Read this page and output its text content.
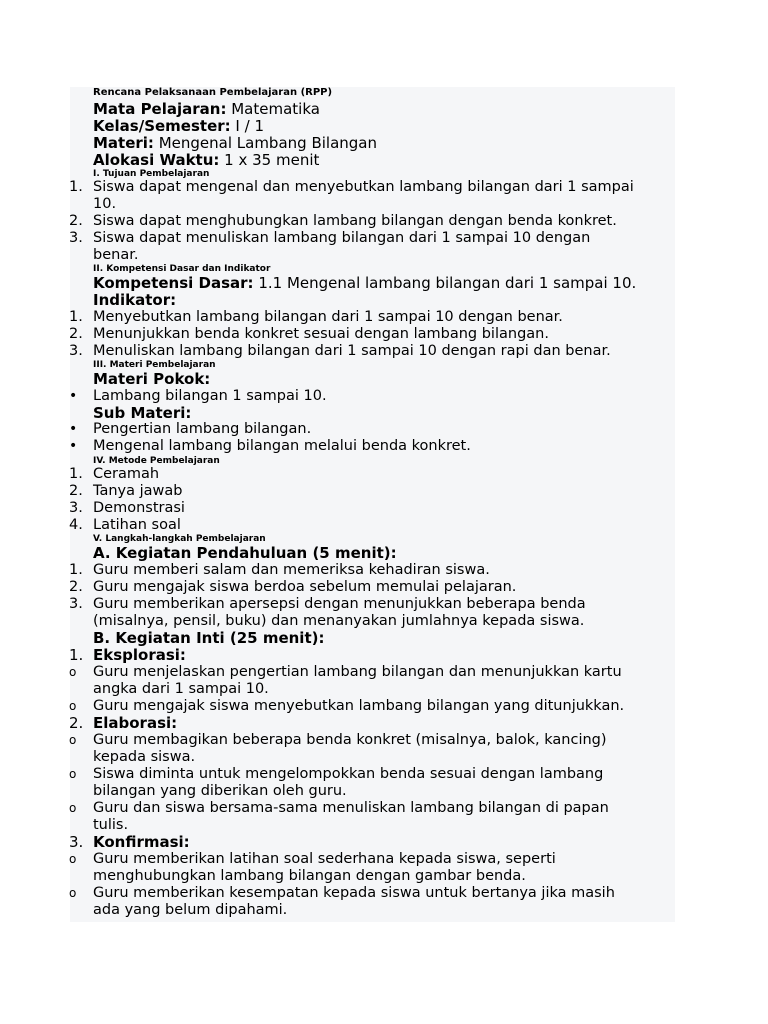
Rencana Pelaksanaan Pembelajaran (RPP)
Mata Pelajaran: Matematika
Kelas/Semester: I / 1
Materi: Mengenal Lambang Bilangan
Alokasi Waktu: 1 x 35 menit
I. Tujuan Pembelajaran
1. Siswa dapat mengenal dan menyebutkan lambang bilangan dari 1 sampai
10.
2. Siswa dapat menghubungkan lambang bilangan dengan benda konkret.
3. Siswa dapat menuliskan lambang bilangan dari 1 sampai 10 dengan
benar.
II. Kompetensi Dasar dan Indikator
Kompetensi Dasar: 1.1 Mengenal lambang bilangan dari 1 sampai 10.
Indikator:
1. Menyebutkan lambang bilangan dari 1 sampai 10 dengan benar.
2. Menunjukkan benda konkret sesuai dengan lambang bilangan.
3. Menuliskan lambang bilangan dari 1 sampai 10 dengan rapi dan benar.
III. Materi Pembelajaran
Materi Pokok:
•	Lambang bilangan 1 sampai 10.
Sub Materi:
•	Pengertian lambang bilangan.
•	Mengenal lambang bilangan melalui benda konkret.
IV. Metode Pembelajaran
1. Ceramah
2. Tanya jawab
3. Demonstrasi
4. Latihan soal
V. Langkah-langkah Pembelajaran
A. Kegiatan Pendahuluan (5 menit):
1. Guru memberi salam dan memeriksa kehadiran siswa.
2. Guru mengajak siswa berdoa sebelum memulai pelajaran.
3. Guru memberikan apersepsi dengan menunjukkan beberapa benda
(misalnya, pensil, buku) dan menanyakan jumlahnya kepada siswa.
B. Kegiatan Inti (25 menit):
1. Eksplorasi:
o	Guru menjelaskan pengertian lambang bilangan dan menunjukkan kartu
angka dari 1 sampai 10.
o	Guru mengajak siswa menyebutkan lambang bilangan yang ditunjukkan.
2. Elaborasi:
o	Guru membagikan beberapa benda konkret (misalnya, balok, kancing)
kepada siswa.
o	Siswa diminta untuk mengelompokkan benda sesuai dengan lambang
bilangan yang diberikan oleh guru.
o	Guru dan siswa bersama-sama menuliskan lambang bilangan di papan
tulis.
3. Konfirmasi:
o	Guru memberikan latihan soal sederhana kepada siswa, seperti
menghubungkan lambang bilangan dengan gambar benda.
o	Guru memberikan kesempatan kepada siswa untuk bertanya jika masih
ada yang belum dipahami.
